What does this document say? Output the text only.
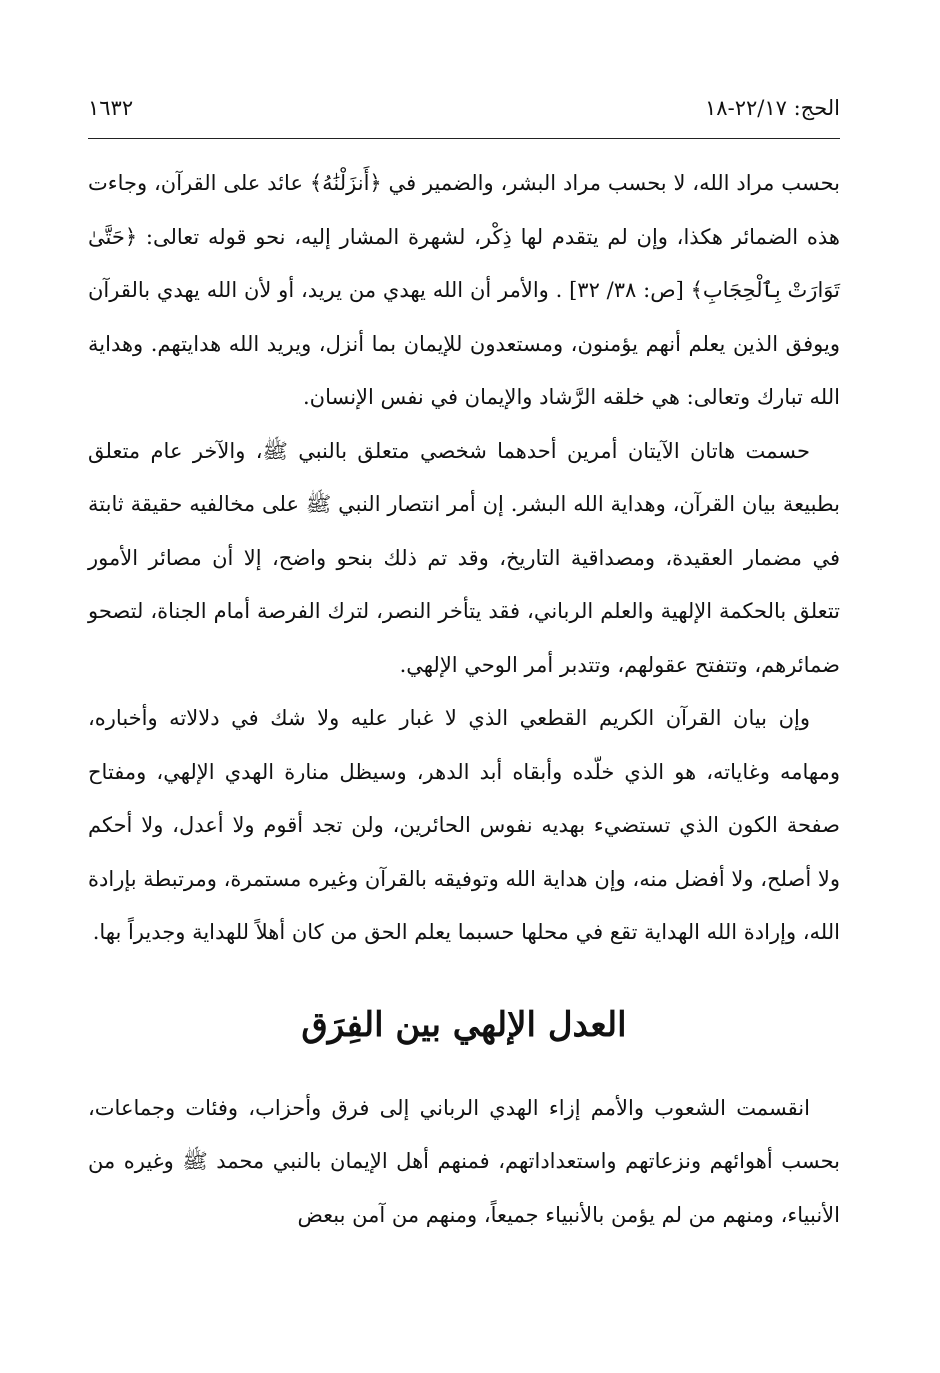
الحج: ٢٢/١٧-١٨
١٦٣٢

بحسب مراد الله، لا بحسب مراد البشر، والضمير في ﴿أَنزَلْنَٰهُ﴾ عائد على القرآن، وجاءت هذه الضمائر هكذا، وإن لم يتقدم لها ذِكْر، لشهرة المشار إليه، نحو قوله تعالى: ﴿حَتَّىٰ تَوَارَتْ بِٱلْحِجَابِ﴾ [ص: ٣٨/ ٣٢] . والأمر أن الله يهدي من يريد، أو لأن الله يهدي بالقرآن ويوفق الذين يعلم أنهم يؤمنون، ومستعدون للإيمان بما أنزل، ويريد الله هدايتهم. وهداية الله تبارك وتعالى: هي خلقه الرَّشاد والإيمان في نفس الإنسان.

حسمت هاتان الآيتان أمرين أحدهما شخصي متعلق بالنبي ﷺ، والآخر عام متعلق بطبيعة بيان القرآن، وهداية الله البشر. إن أمر انتصار النبي ﷺ على مخالفيه حقيقة ثابتة في مضمار العقيدة، ومصداقية التاريخ، وقد تم ذلك بنحو واضح، إلا أن مصائر الأمور تتعلق بالحكمة الإلهية والعلم الرباني، فقد يتأخر النصر، لترك الفرصة أمام الجناة، لتصحو ضمائرهم، وتتفتح عقولهم، وتتدبر أمر الوحي الإلهي.

وإن بيان القرآن الكريم القطعي الذي لا غبار عليه ولا شك في دلالاته وأخباره، ومهامه وغاياته، هو الذي خلّده وأبقاه أبد الدهر، وسيظل منارة الهدي الإلهي، ومفتاح صفحة الكون الذي تستضيء بهديه نفوس الحائرين، ولن تجد أقوم ولا أعدل، ولا أحكم ولا أصلح، ولا أفضل منه، وإن هداية الله وتوفيقه بالقرآن وغيره مستمرة، ومرتبطة بإرادة الله، وإرادة الله الهداية تقع في محلها حسبما يعلم الحق من كان أهلاً للهداية وجديراً بها.

العدل الإلهي بين الفِرَق

انقسمت الشعوب والأمم إزاء الهدي الرباني إلى فرق وأحزاب، وفئات وجماعات، بحسب أهوائهم ونزعاتهم واستعداداتهم، فمنهم أهل الإيمان بالنبي محمد ﷺ وغيره من الأنبياء، ومنهم من لم يؤمن بالأنبياء جميعاً، ومنهم من آمن ببعض
